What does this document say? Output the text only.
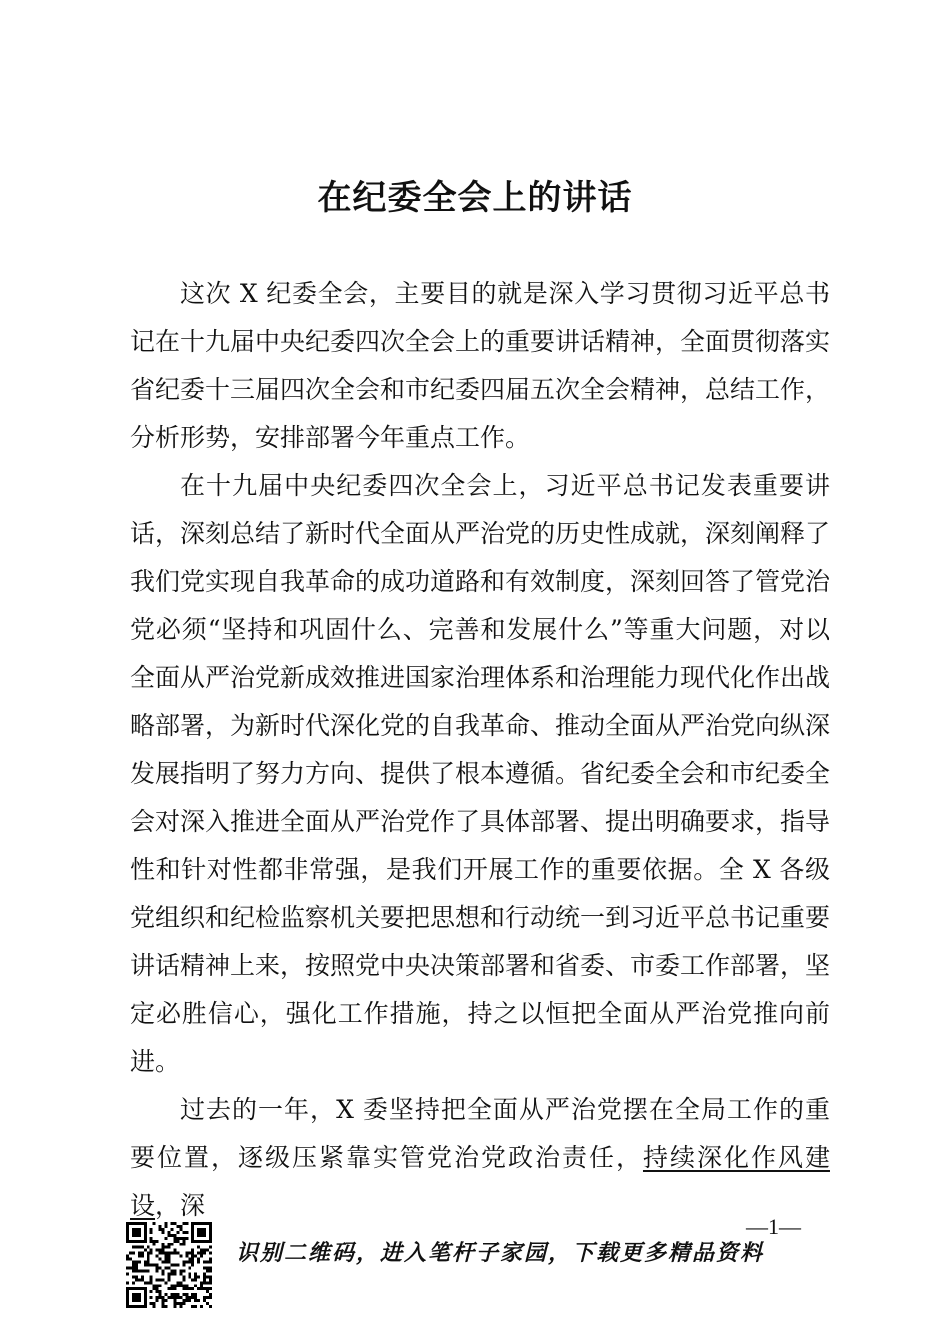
在纪委全会上的讲话

这次 X 纪委全会，主要目的就是深入学习贯彻习近平总书记在十九届中央纪委四次全会上的重要讲话精神，全面贯彻落实省纪委十三届四次全会和市纪委四届五次全会精神，总结工作，分析形势，安排部署今年重点工作。

在十九届中央纪委四次全会上，习近平总书记发表重要讲话，深刻总结了新时代全面从严治党的历史性成就，深刻阐释了我们党实现自我革命的成功道路和有效制度，深刻回答了管党治党必须“坚持和巩固什么、完善和发展什么”等重大问题，对以全面从严治党新成效推进国家治理体系和治理能力现代化作出战略部署，为新时代深化党的自我革命、推动全面从严治党向纵深发展指明了努力方向、提供了根本遵循。省纪委全会和市纪委全会对深入推进全面从严治党作了具体部署、提出明确要求，指导性和针对性都非常强，是我们开展工作的重要依据。全 X 各级党组织和纪检监察机关要把思想和行动统一到习近平总书记重要讲话精神上来，按照党中央决策部署和省委、市委工作部署，坚定必胜信心，强化工作措施，持之以恒把全面从严治党推向前进。

过去的一年，X 委坚持把全面从严治党摆在全局工作的重要位置，逐级压紧靠实管党治党政治责任，持续深化作风建设，深

—1—
识别二维码，进入笔杆子家园，下载更多精品资料
